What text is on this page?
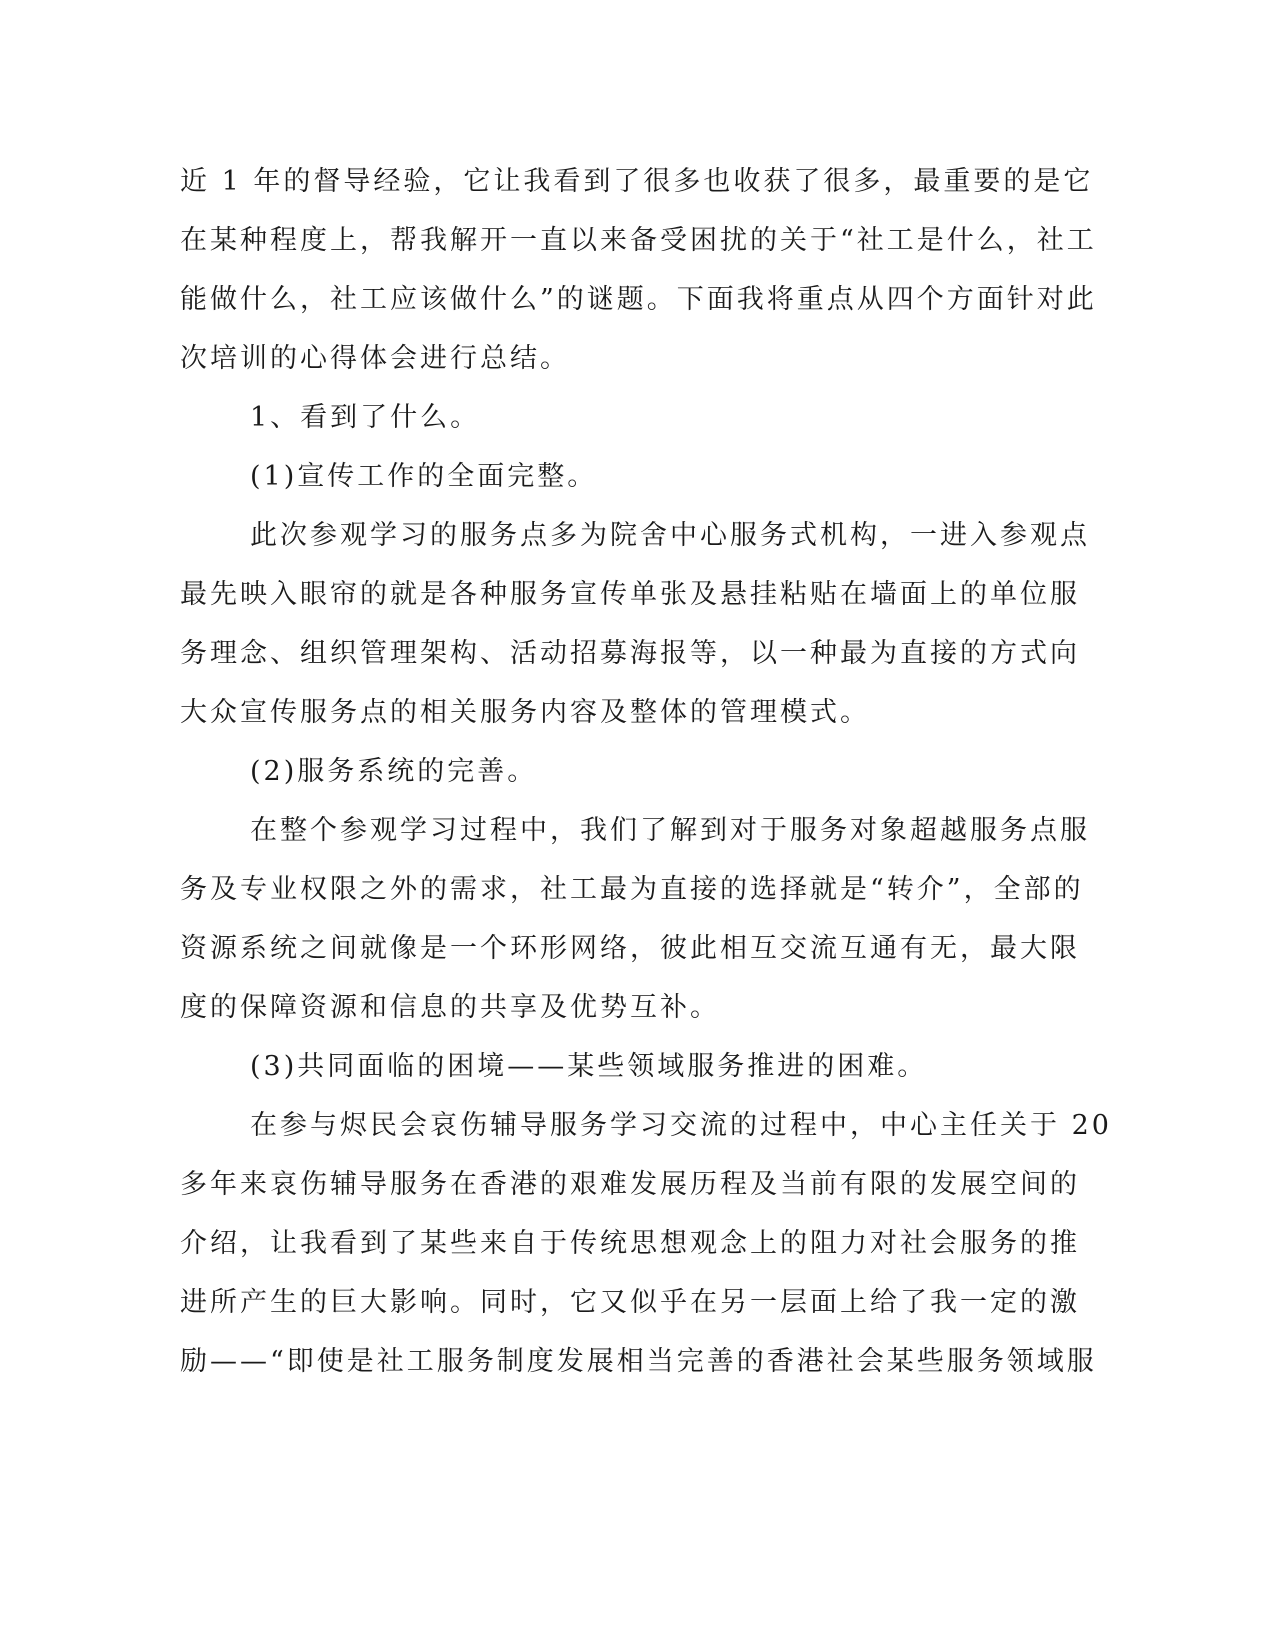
近 1 年的督导经验，它让我看到了很多也收获了很多，最重要的是它
在某种程度上，帮我解开一直以来备受困扰的关于“社工是什么，社工
能做什么，社工应该做什么”的谜题。下面我将重点从四个方面针对此
次培训的心得体会进行总结。
1、看到了什么。
(1)宣传工作的全面完整。
此次参观学习的服务点多为院舍中心服务式机构，一进入参观点
最先映入眼帘的就是各种服务宣传单张及悬挂粘贴在墙面上的单位服
务理念、组织管理架构、活动招募海报等，以一种最为直接的方式向
大众宣传服务点的相关服务内容及整体的管理模式。
(2)服务系统的完善。
在整个参观学习过程中，我们了解到对于服务对象超越服务点服
务及专业权限之外的需求，社工最为直接的选择就是“转介”，全部的
资源系统之间就像是一个环形网络，彼此相互交流互通有无，最大限
度的保障资源和信息的共享及优势互补。
(3)共同面临的困境——某些领域服务推进的困难。
在参与烬民会哀伤辅导服务学习交流的过程中，中心主任关于 20
多年来哀伤辅导服务在香港的艰难发展历程及当前有限的发展空间的
介绍，让我看到了某些来自于传统思想观念上的阻力对社会服务的推
进所产生的巨大影响。同时，它又似乎在另一层面上给了我一定的激
励——“即使是社工服务制度发展相当完善的香港社会某些服务领域服
